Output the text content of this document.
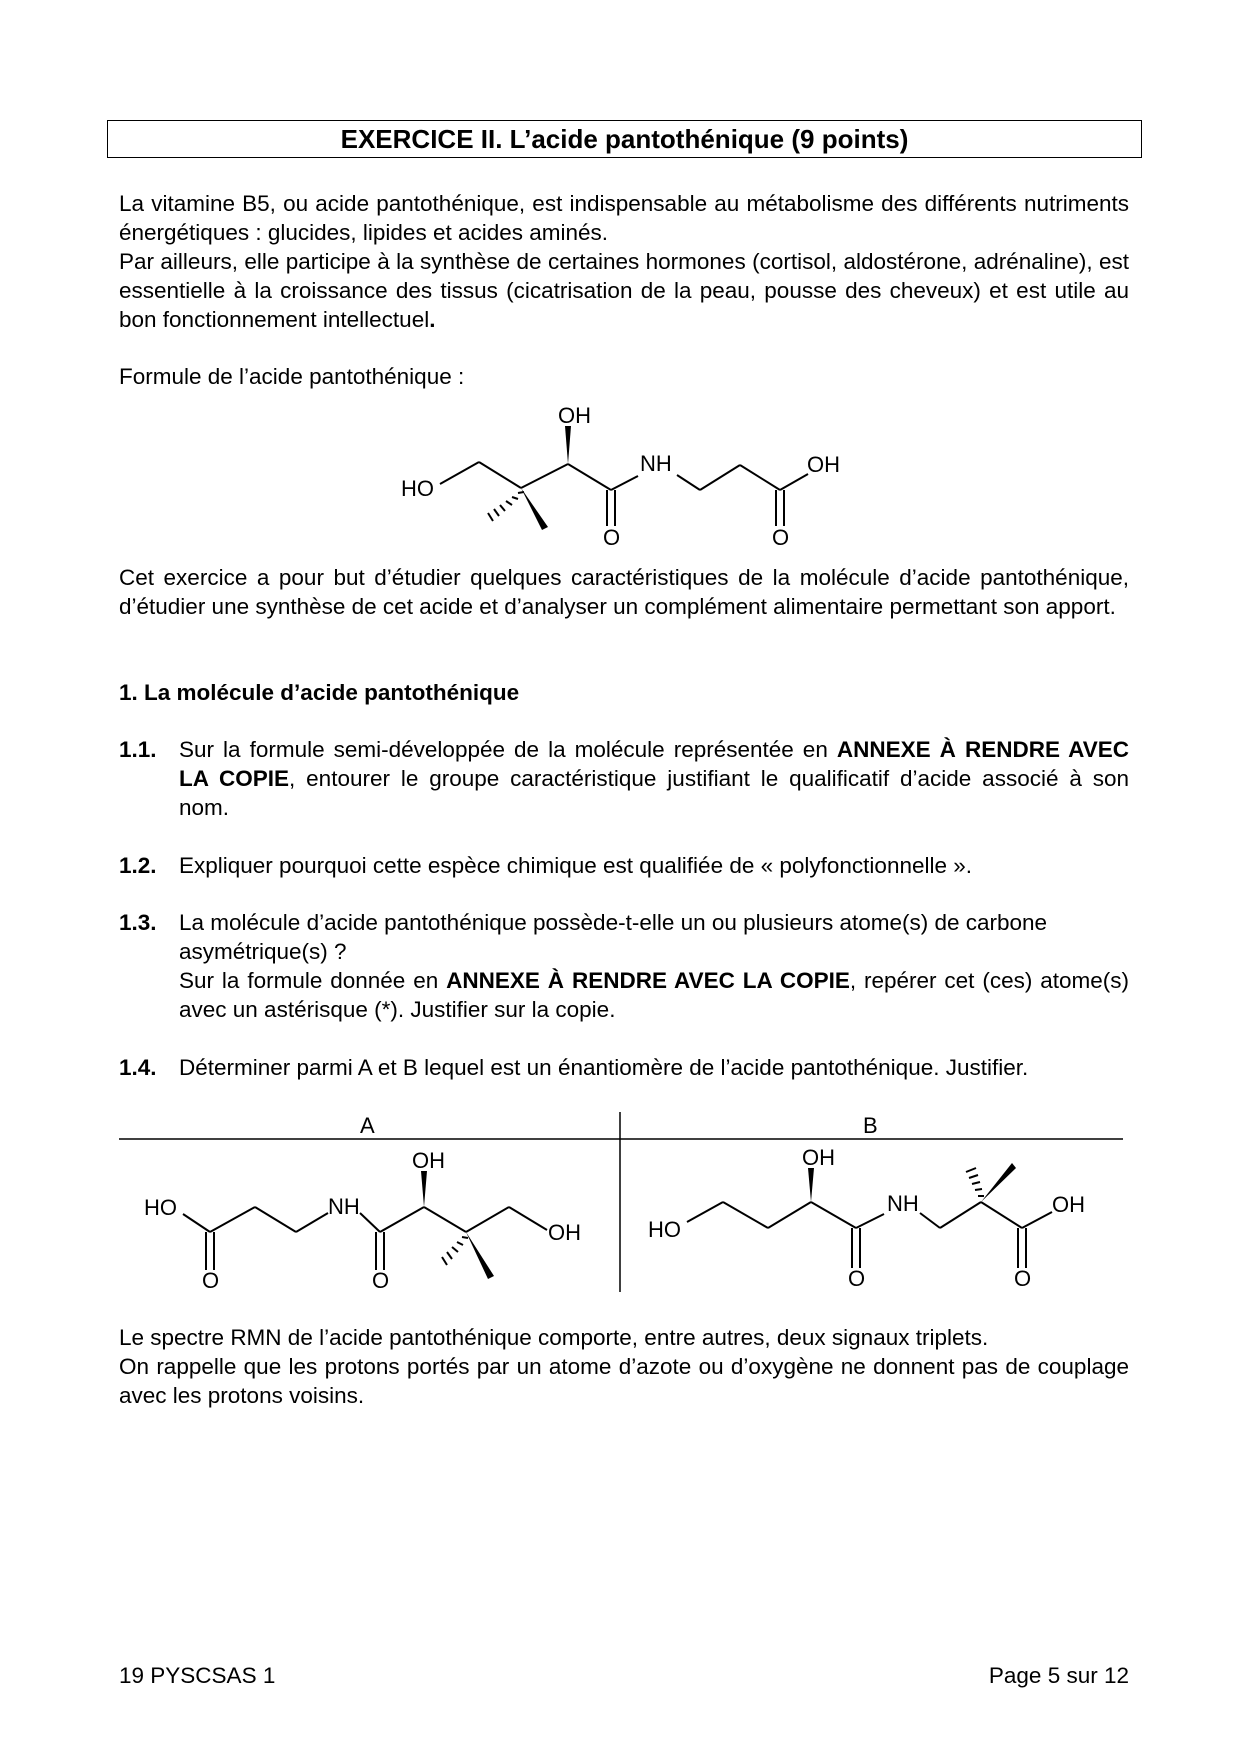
EXERCICE II. L’acide pantothénique (9 points)

La vitamine B5, ou acide pantothénique, est indispensable au métabolisme des différents nutriments énergétiques : glucides, lipides et acides aminés.

Par ailleurs, elle participe à la synthèse de certaines hormones (cortisol, aldostérone, adrénaline), est essentielle à la croissance des tissus (cicatrisation de la peau, pousse des cheveux) et est utile au bon fonctionnement intellectuel.

Formule de l’acide pantothénique :

HO
OH
NH	OH
O	O

Cet exercice a pour but d’étudier quelques caractéristiques de la molécule d’acide pantothénique, d’étudier une synthèse de cet acide et d’analyser un complément alimentaire permettant son apport.

1. La molécule d’acide pantothénique

1.1. Sur la formule semi-développée de la molécule représentée en ANNEXE À RENDRE AVEC LA COPIE, entourer le groupe caractéristique justifiant le qualificatif d’acide associé à son nom.
1.2. Expliquer pourquoi cette espèce chimique est qualifiée de « polyfonctionnelle ».
1.3. La molécule d’acide pantothénique possède-t-elle un ou plusieurs atome(s) de carbone asymétrique(s) ?
Sur la formule donnée en ANNEXE À RENDRE AVEC LA COPIE, repérer cet (ces) atome(s) avec un astérisque (*). Justifier sur la copie.
1.4. Déterminer parmi A et B lequel est un énantiomère de l’acide pantothénique. Justifier.
A	B
HO	NH
OH
OH
O	O
HO
OH
NH	OH
O	O

Le spectre RMN de l’acide pantothénique comporte, entre autres, deux signaux triplets.

On rappelle que les protons portés par un atome d’azote ou d’oxygène ne donnent pas de couplage avec les protons voisins.

19 PYSCSAS 1	Page 5 sur 12
